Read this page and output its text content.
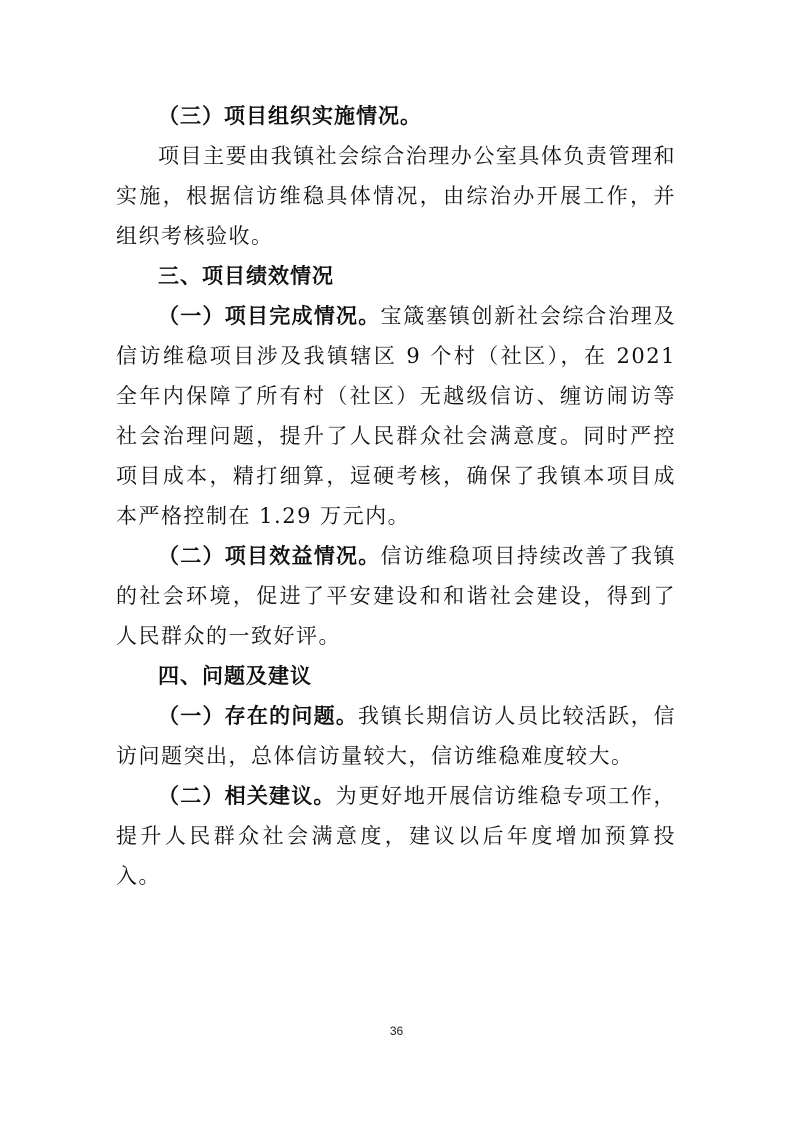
（三）项目组织实施情况。

项目主要由我镇社会综合治理办公室具体负责管理和实施，根据信访维稳具体情况，由综治办开展工作，并组织考核验收。

三、项目绩效情况

（一）项目完成情况。宝箴塞镇创新社会综合治理及信访维稳项目涉及我镇辖区 9 个村（社区），在 2021 全年内保障了所有村（社区）无越级信访、缠访闹访等社会治理问题，提升了人民群众社会满意度。同时严控项目成本，精打细算，逗硬考核，确保了我镇本项目成本严格控制在 1.29 万元内。

（二）项目效益情况。信访维稳项目持续改善了我镇的社会环境，促进了平安建设和和谐社会建设，得到了人民群众的一致好评。

四、问题及建议

（一）存在的问题。我镇长期信访人员比较活跃，信访问题突出，总体信访量较大，信访维稳难度较大。

（二）相关建议。为更好地开展信访维稳专项工作，提升人民群众社会满意度，建议以后年度增加预算投入。

36
